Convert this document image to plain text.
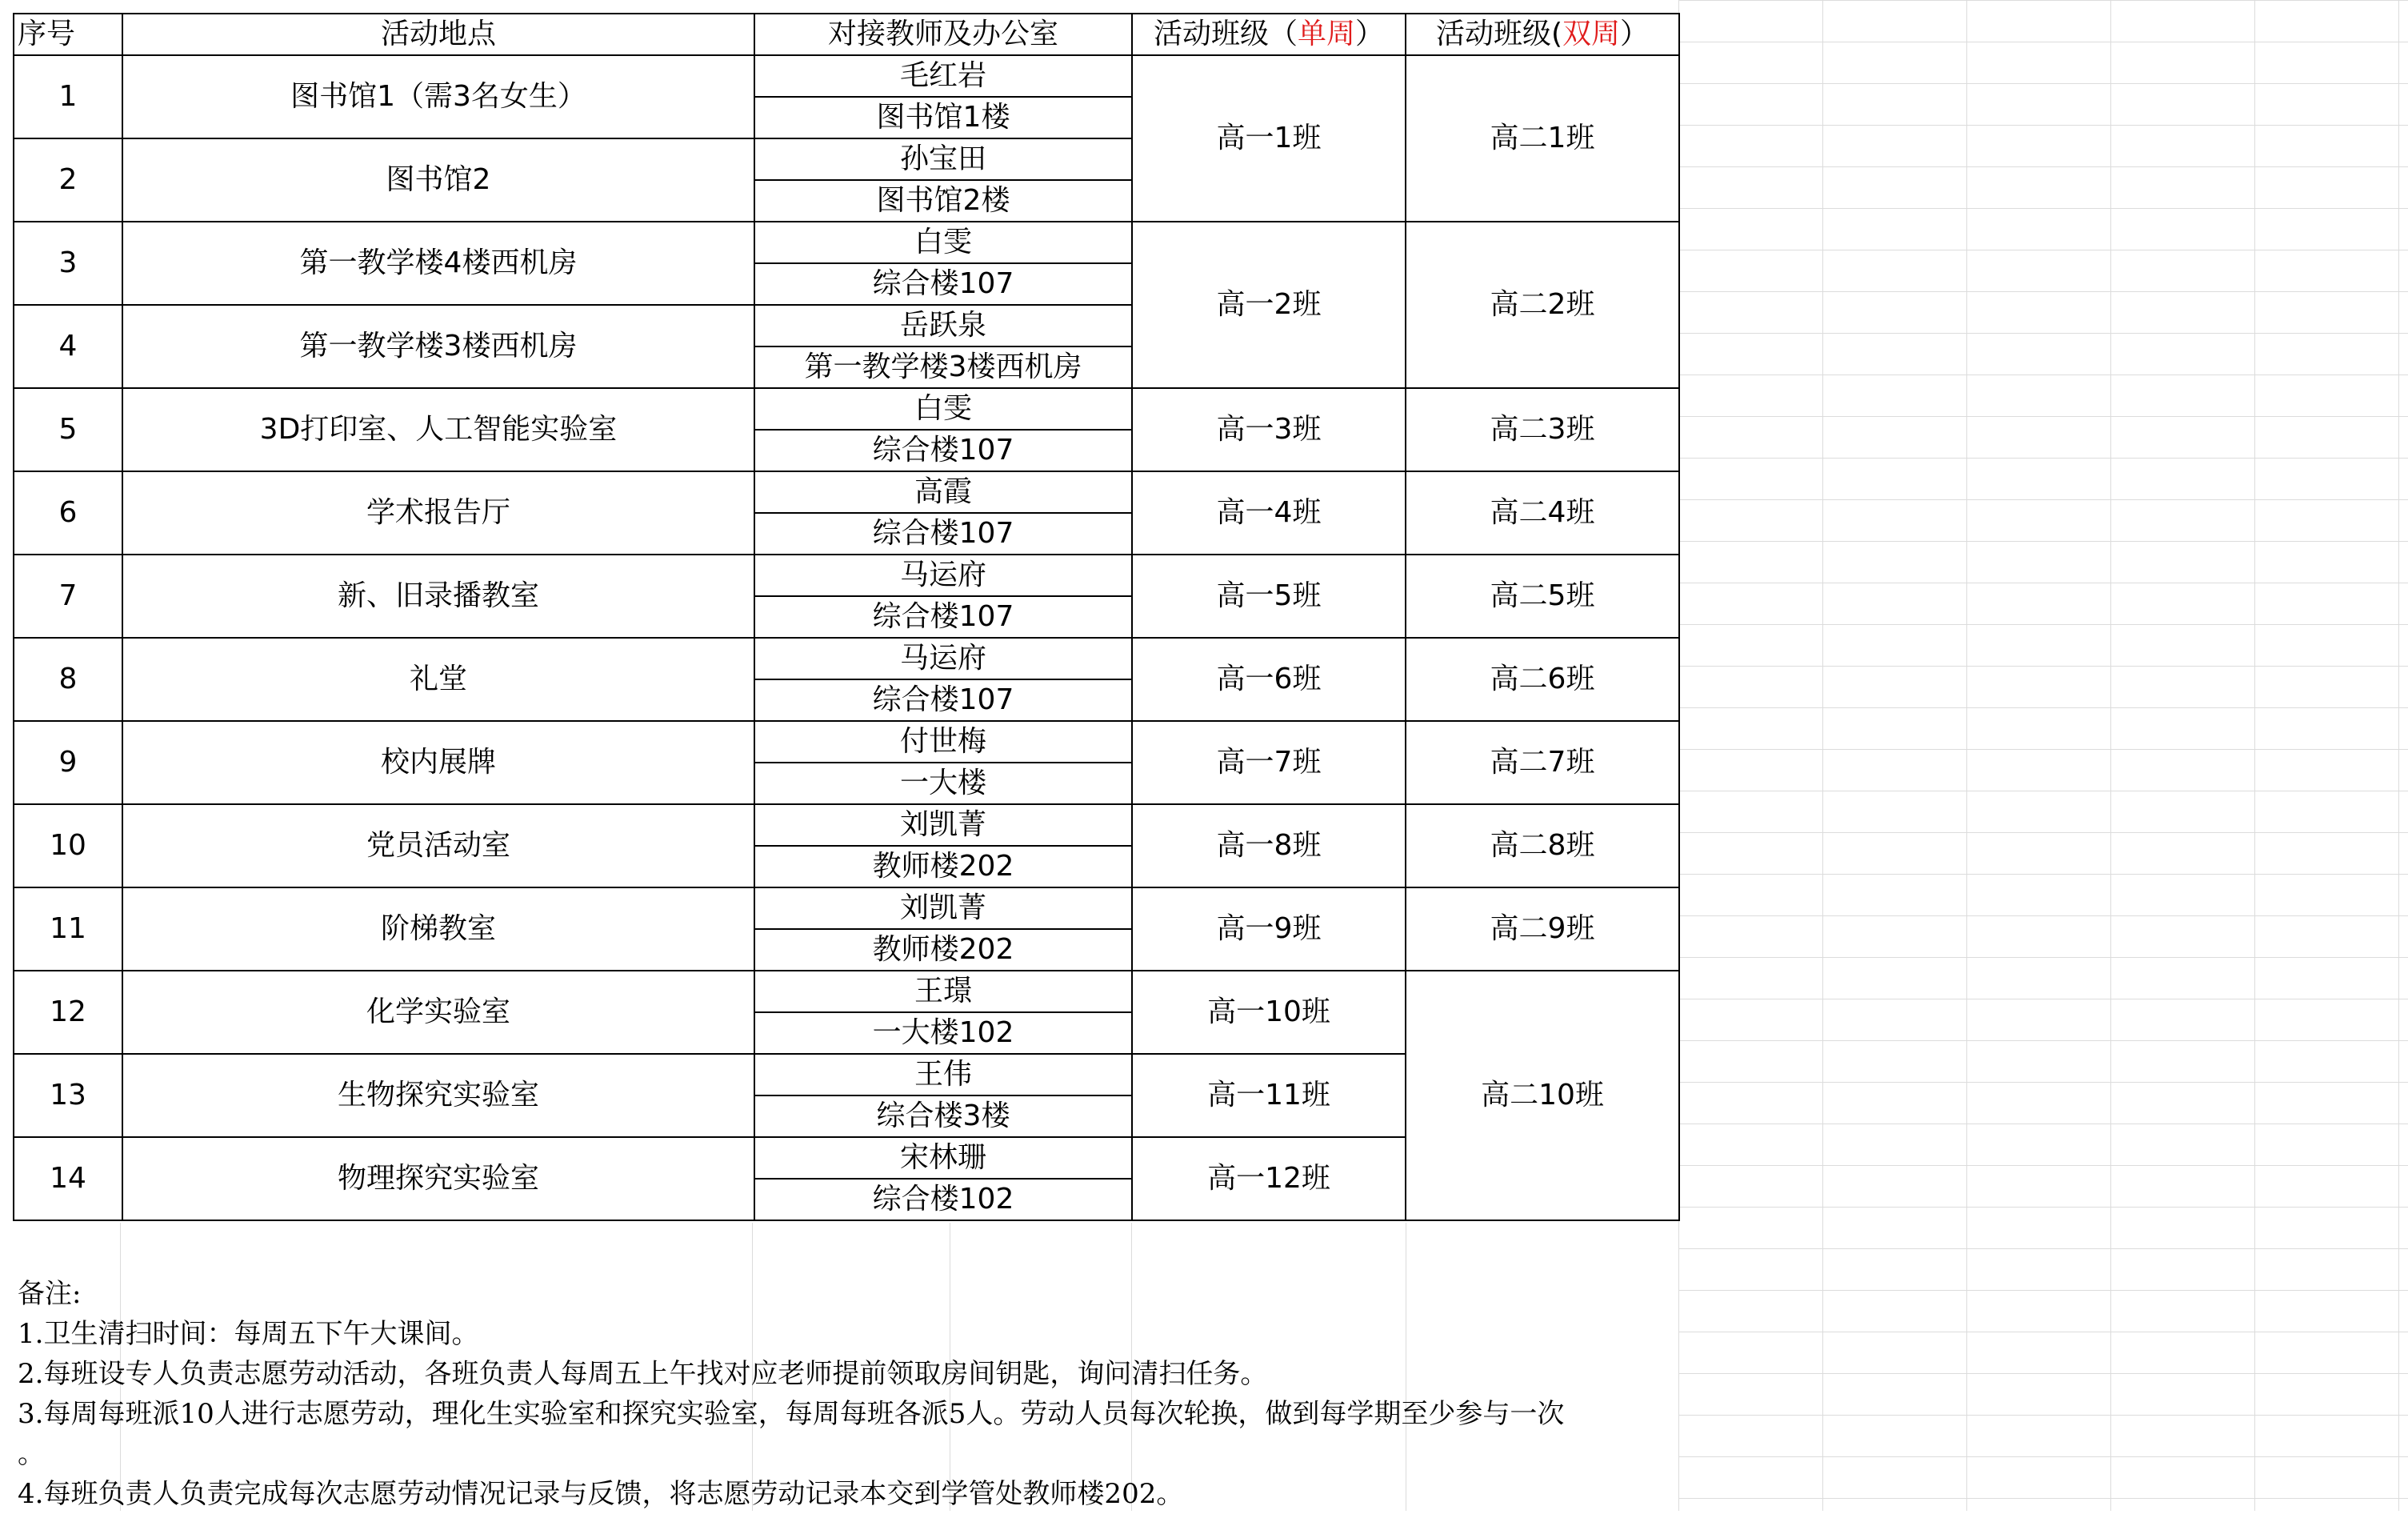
序号	活动地点	对接教师及办公室	活动班级（单周）	活动班级(双周）
1	图书馆1（需3名女生）	毛红岩	高一1班	高二1班
		图书馆1楼		
2	图书馆2	孙宝田		
		图书馆2楼		
3	第一教学楼4楼西机房	白雯	高一2班	高二2班
		综合楼107		
4	第一教学楼3楼西机房	岳跃泉		
		第一教学楼3楼西机房		
5	3D打印室、人工智能实验室	白雯	高一3班	高二3班
		综合楼107		
6	学术报告厅	高霞	高一4班	高二4班
		综合楼107		
7	新、旧录播教室	马运府	高一5班	高二5班
		综合楼107		
8	礼堂	马运府	高一6班	高二6班
		综合楼107		
9	校内展牌	付世梅	高一7班	高二7班
		一大楼		
10	党员活动室	刘凯菁	高一8班	高二8班
		教师楼202		
11	阶梯教室	刘凯菁	高一9班	高二9班
		教师楼202		
12	化学实验室	王璟	高一10班	高二10班
		一大楼102		
13	生物探究实验室	王伟	高一11班	
		综合楼3楼		
14	物理探究实验室	宋林珊	高一12班	
		综合楼102		
备注:
1.卫生清扫时间：每周五下午大课间。
2.每班设专人负责志愿劳动活动，各班负责人每周五上午找对应老师提前领取房间钥匙，询问清扫任务。
3.每周每班派10人进行志愿劳动，理化生实验室和探究实验室，每周每班各派5人。劳动人员每次轮换，做到每学期至少参与一次
。
4.每班负责人负责完成每次志愿劳动情况记录与反馈，将志愿劳动记录本交到学管处教师楼202。
